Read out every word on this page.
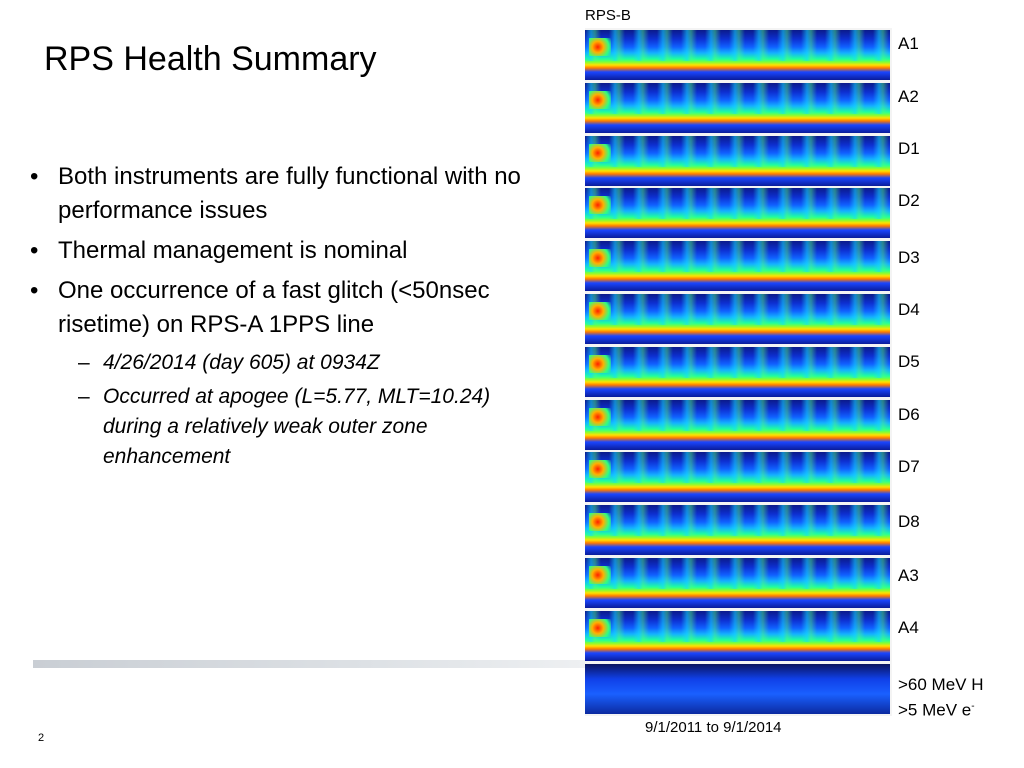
RPS Health Summary
• Both instruments are fully functional with no performance issues
• Thermal management is nominal
• One occurrence of a fast glitch (<50nsec risetime) on RPS-A 1PPS line
– 4/26/2014 (day 605) at 0934Z
– Occurred at apogee (L=5.77, MLT=10.24) during a relatively weak outer zone enhancement
RPS-B
A1
A2
D1
D2
D3
D4
D5
D6
D7
D8
A3
A4
>60 MeV H
>5 MeV e-
9/1/2011 to 9/1/2014
2
